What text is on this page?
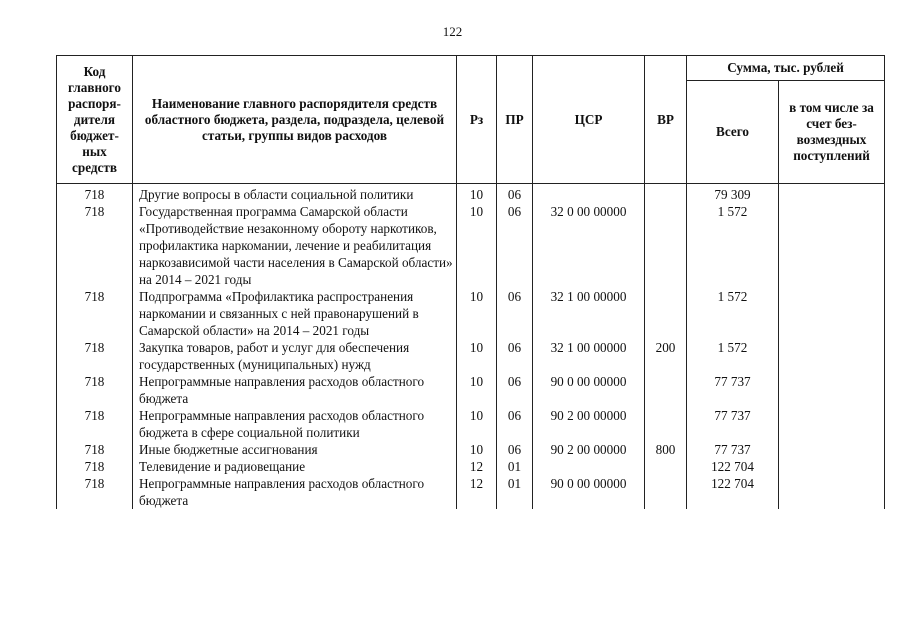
122
Код главного распоря-дителя бюджет-ных средств	Наименование главного распорядителя средств областного бюджета, раздела, подраздела, целевой статьи, группы видов расходов	Рз	ПР	ЦСР	ВР	Сумма, тыс. рублей	
						Всего	в том числе за счет без-возмездных поступлений
718	Другие вопросы в области социальной политики	10	06			79 309	
718	Государственная программа Самарской области «Противодействие незаконному обороту наркотиков, профилактика наркомании, лечение и реабилитация наркозависимой части населения в Самарской области» на 2014 – 2021 годы	10	06	32 0 00 00000		1 572	
718	Подпрограмма «Профилактика распространения наркомании и связанных с ней правонарушений в Самарской области» на 2014 – 2021 годы	10	06	32 1 00 00000		1 572	
718	Закупка товаров, работ и услуг для обеспечения государственных (муниципальных) нужд	10	06	32 1 00 00000	200	1 572	
718	Непрограммные направления расходов областного бюджета	10	06	90 0 00 00000		77 737	
718	Непрограммные направления расходов областного бюджета в сфере социальной политики	10	06	90 2 00 00000		77 737	
718	Иные бюджетные ассигнования	10	06	90 2 00 00000	800	77 737	
718	Телевидение и радиовещание	12	01			122 704	
718	Непрограммные направления расходов областного бюджета	12	01	90 0 00 00000		122 704	
